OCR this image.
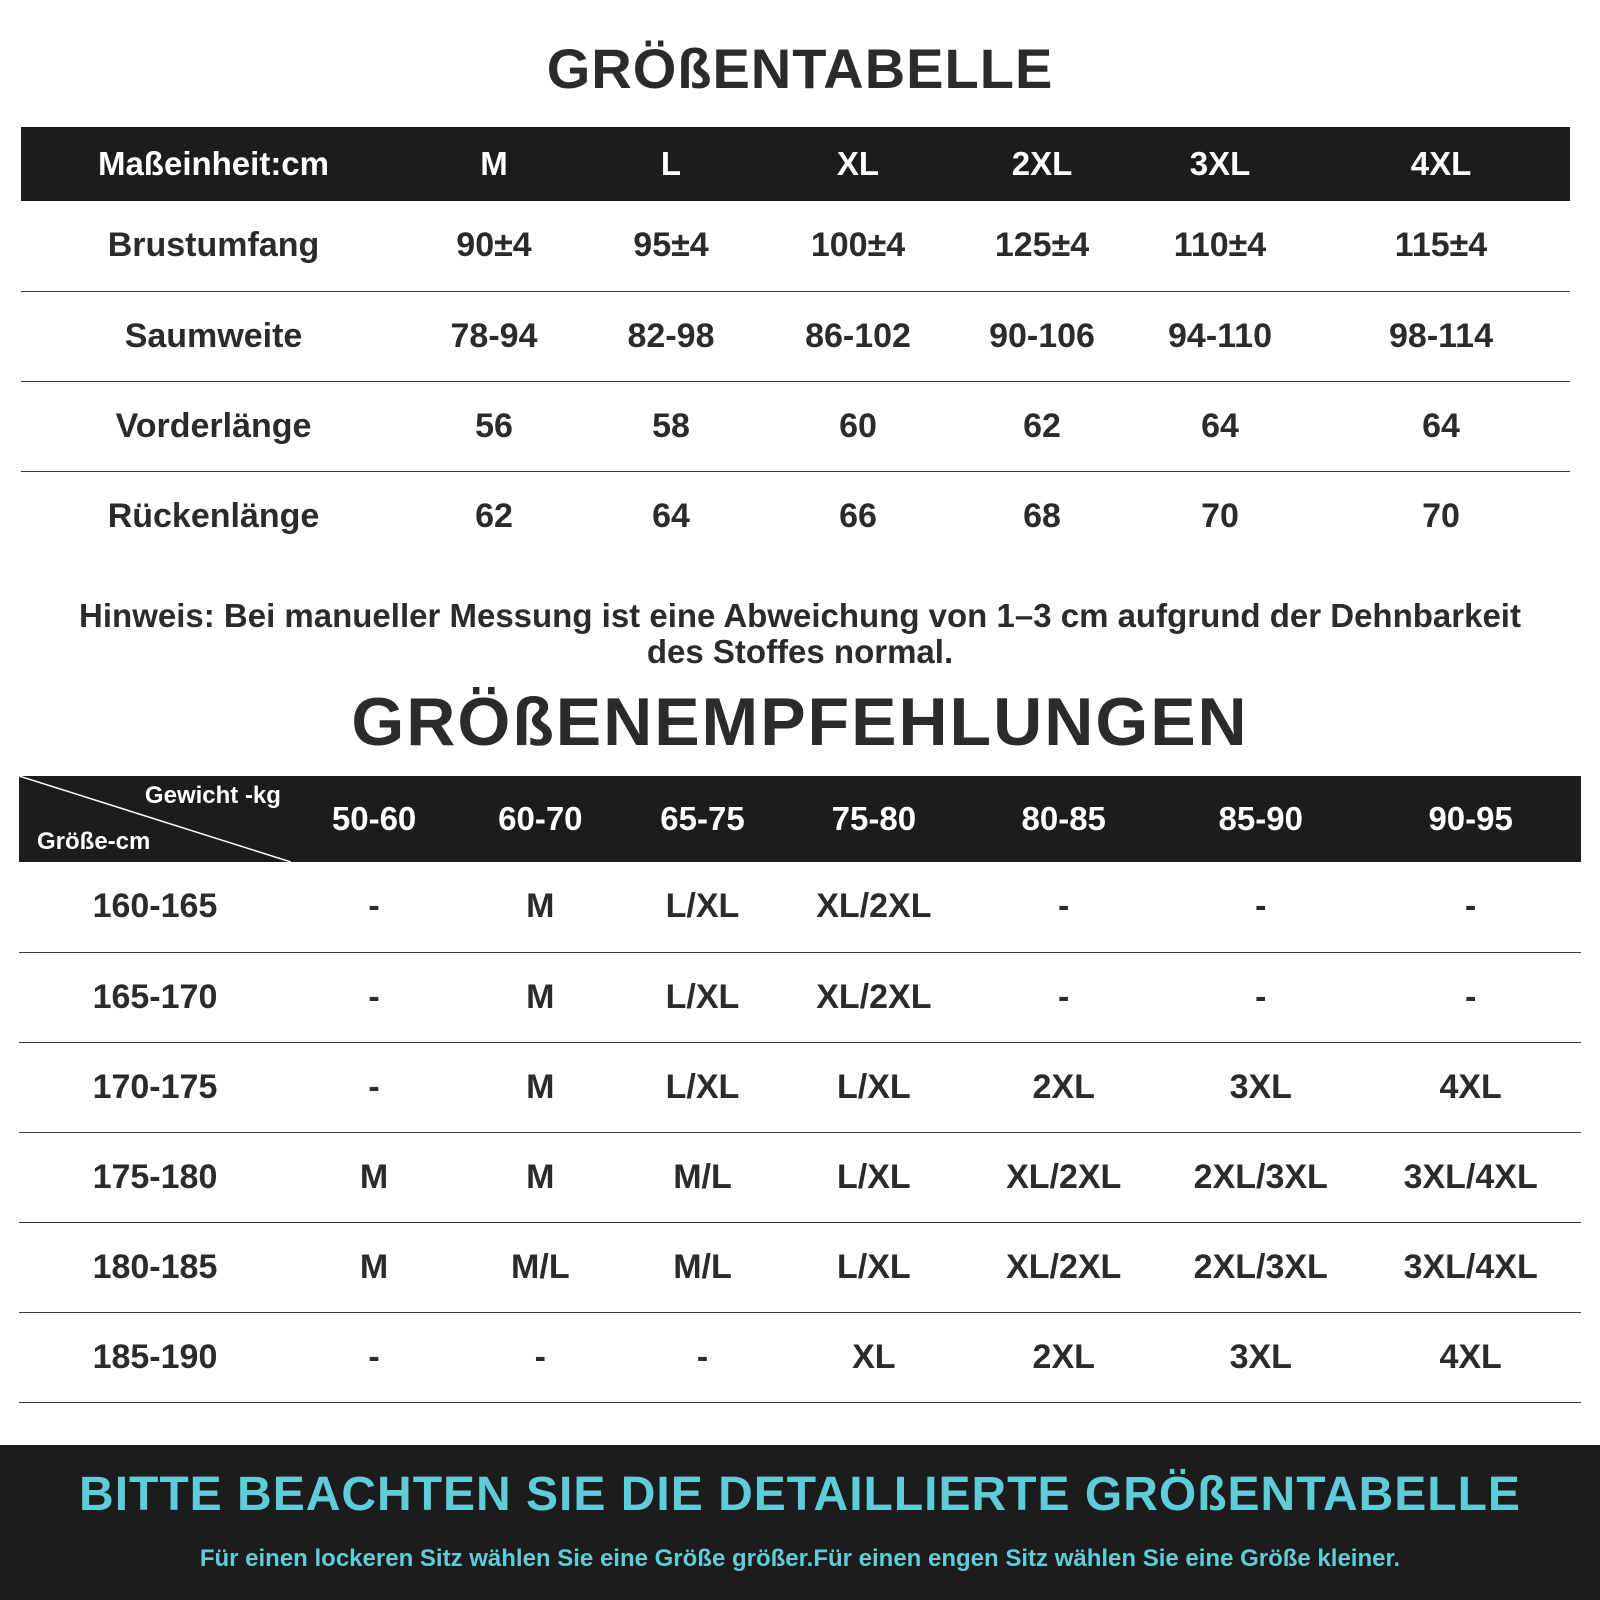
GRÖßENTABELLE
Maßeinheit:cm	M	L	XL	2XL	3XL	4XL
Brustumfang	90±4	95±4	100±4	125±4	110±4	115±4
Saumweite	78-94	82-98	86-102	90-106	94-110	98-114
Vorderlänge	56	58	60	62	64	64
Rückenlänge	62	64	66	68	70	70
Hinweis: Bei manueller Messung ist eine Abweichung von 1–3 cm aufgrund der Dehnbarkeit des Stoffes normal.
GRÖßENEMPFEHLUNGEN
Gewicht -kg
Größe-cm	50-60	60-70	65-75	75-80	80-85	85-90	90-95
160-165	-	M	L/XL	XL/2XL	-	-	-
165-170	-	M	L/XL	XL/2XL	-	-	-
170-175	-	M	L/XL	L/XL	2XL	3XL	4XL
175-180	M	M	M/L	L/XL	XL/2XL	2XL/3XL	3XL/4XL
180-185	M	M/L	M/L	L/XL	XL/2XL	2XL/3XL	3XL/4XL
185-190	-	-	-	XL	2XL	3XL	4XL
BITTE BEACHTEN SIE DIE DETAILLIERTE GRÖßENTABELLE
Für einen lockeren Sitz wählen Sie eine Größe größer.Für einen engen Sitz wählen Sie eine Größe kleiner.
